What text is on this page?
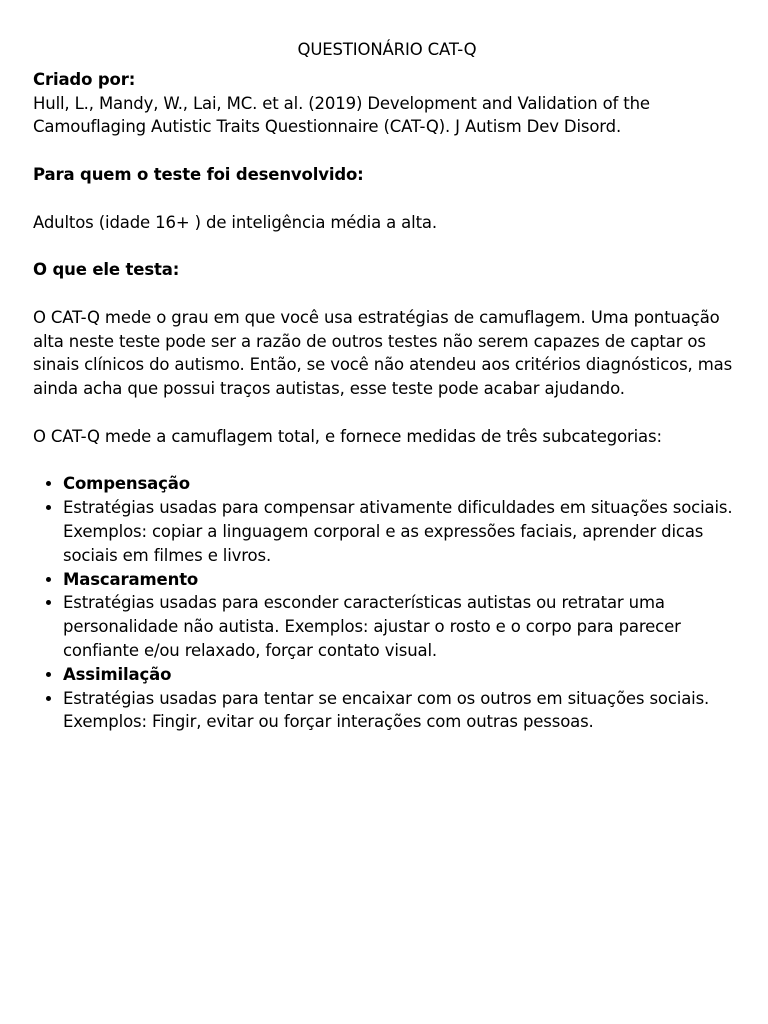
QUESTIONÁRIO CAT-Q

Criado por:

Hull, L., Mandy, W., Lai, MC. et al. (2019) Development and Validation of the Camouflaging Autistic Traits Questionnaire (CAT-Q). J Autism Dev Disord.

Para quem o teste foi desenvolvido:

Adultos (idade 16+ ) de inteligência média a alta.

O que ele testa:

O CAT-Q mede o grau em que você usa estratégias de camuflagem. Uma pontuação alta neste teste pode ser a razão de outros testes não serem capazes de captar os sinais clínicos do autismo. Então, se você não atendeu aos critérios diagnósticos, mas ainda acha que possui traços autistas, esse teste pode acabar ajudando.

O CAT-Q mede a camuflagem total, e fornece medidas de três subcategorias:

• Compensação
• Estratégias usadas para compensar ativamente dificuldades em situações sociais. Exemplos: copiar a linguagem corporal e as expressões faciais, aprender dicas sociais em filmes e livros.
• Mascaramento
• Estratégias usadas para esconder características autistas ou retratar uma personalidade não autista. Exemplos: ajustar o rosto e o corpo para parecer confiante e/ou relaxado, forçar contato visual.
• Assimilação
• Estratégias usadas para tentar se encaixar com os outros em situações sociais. Exemplos: Fingir, evitar ou forçar interações com outras pessoas.
